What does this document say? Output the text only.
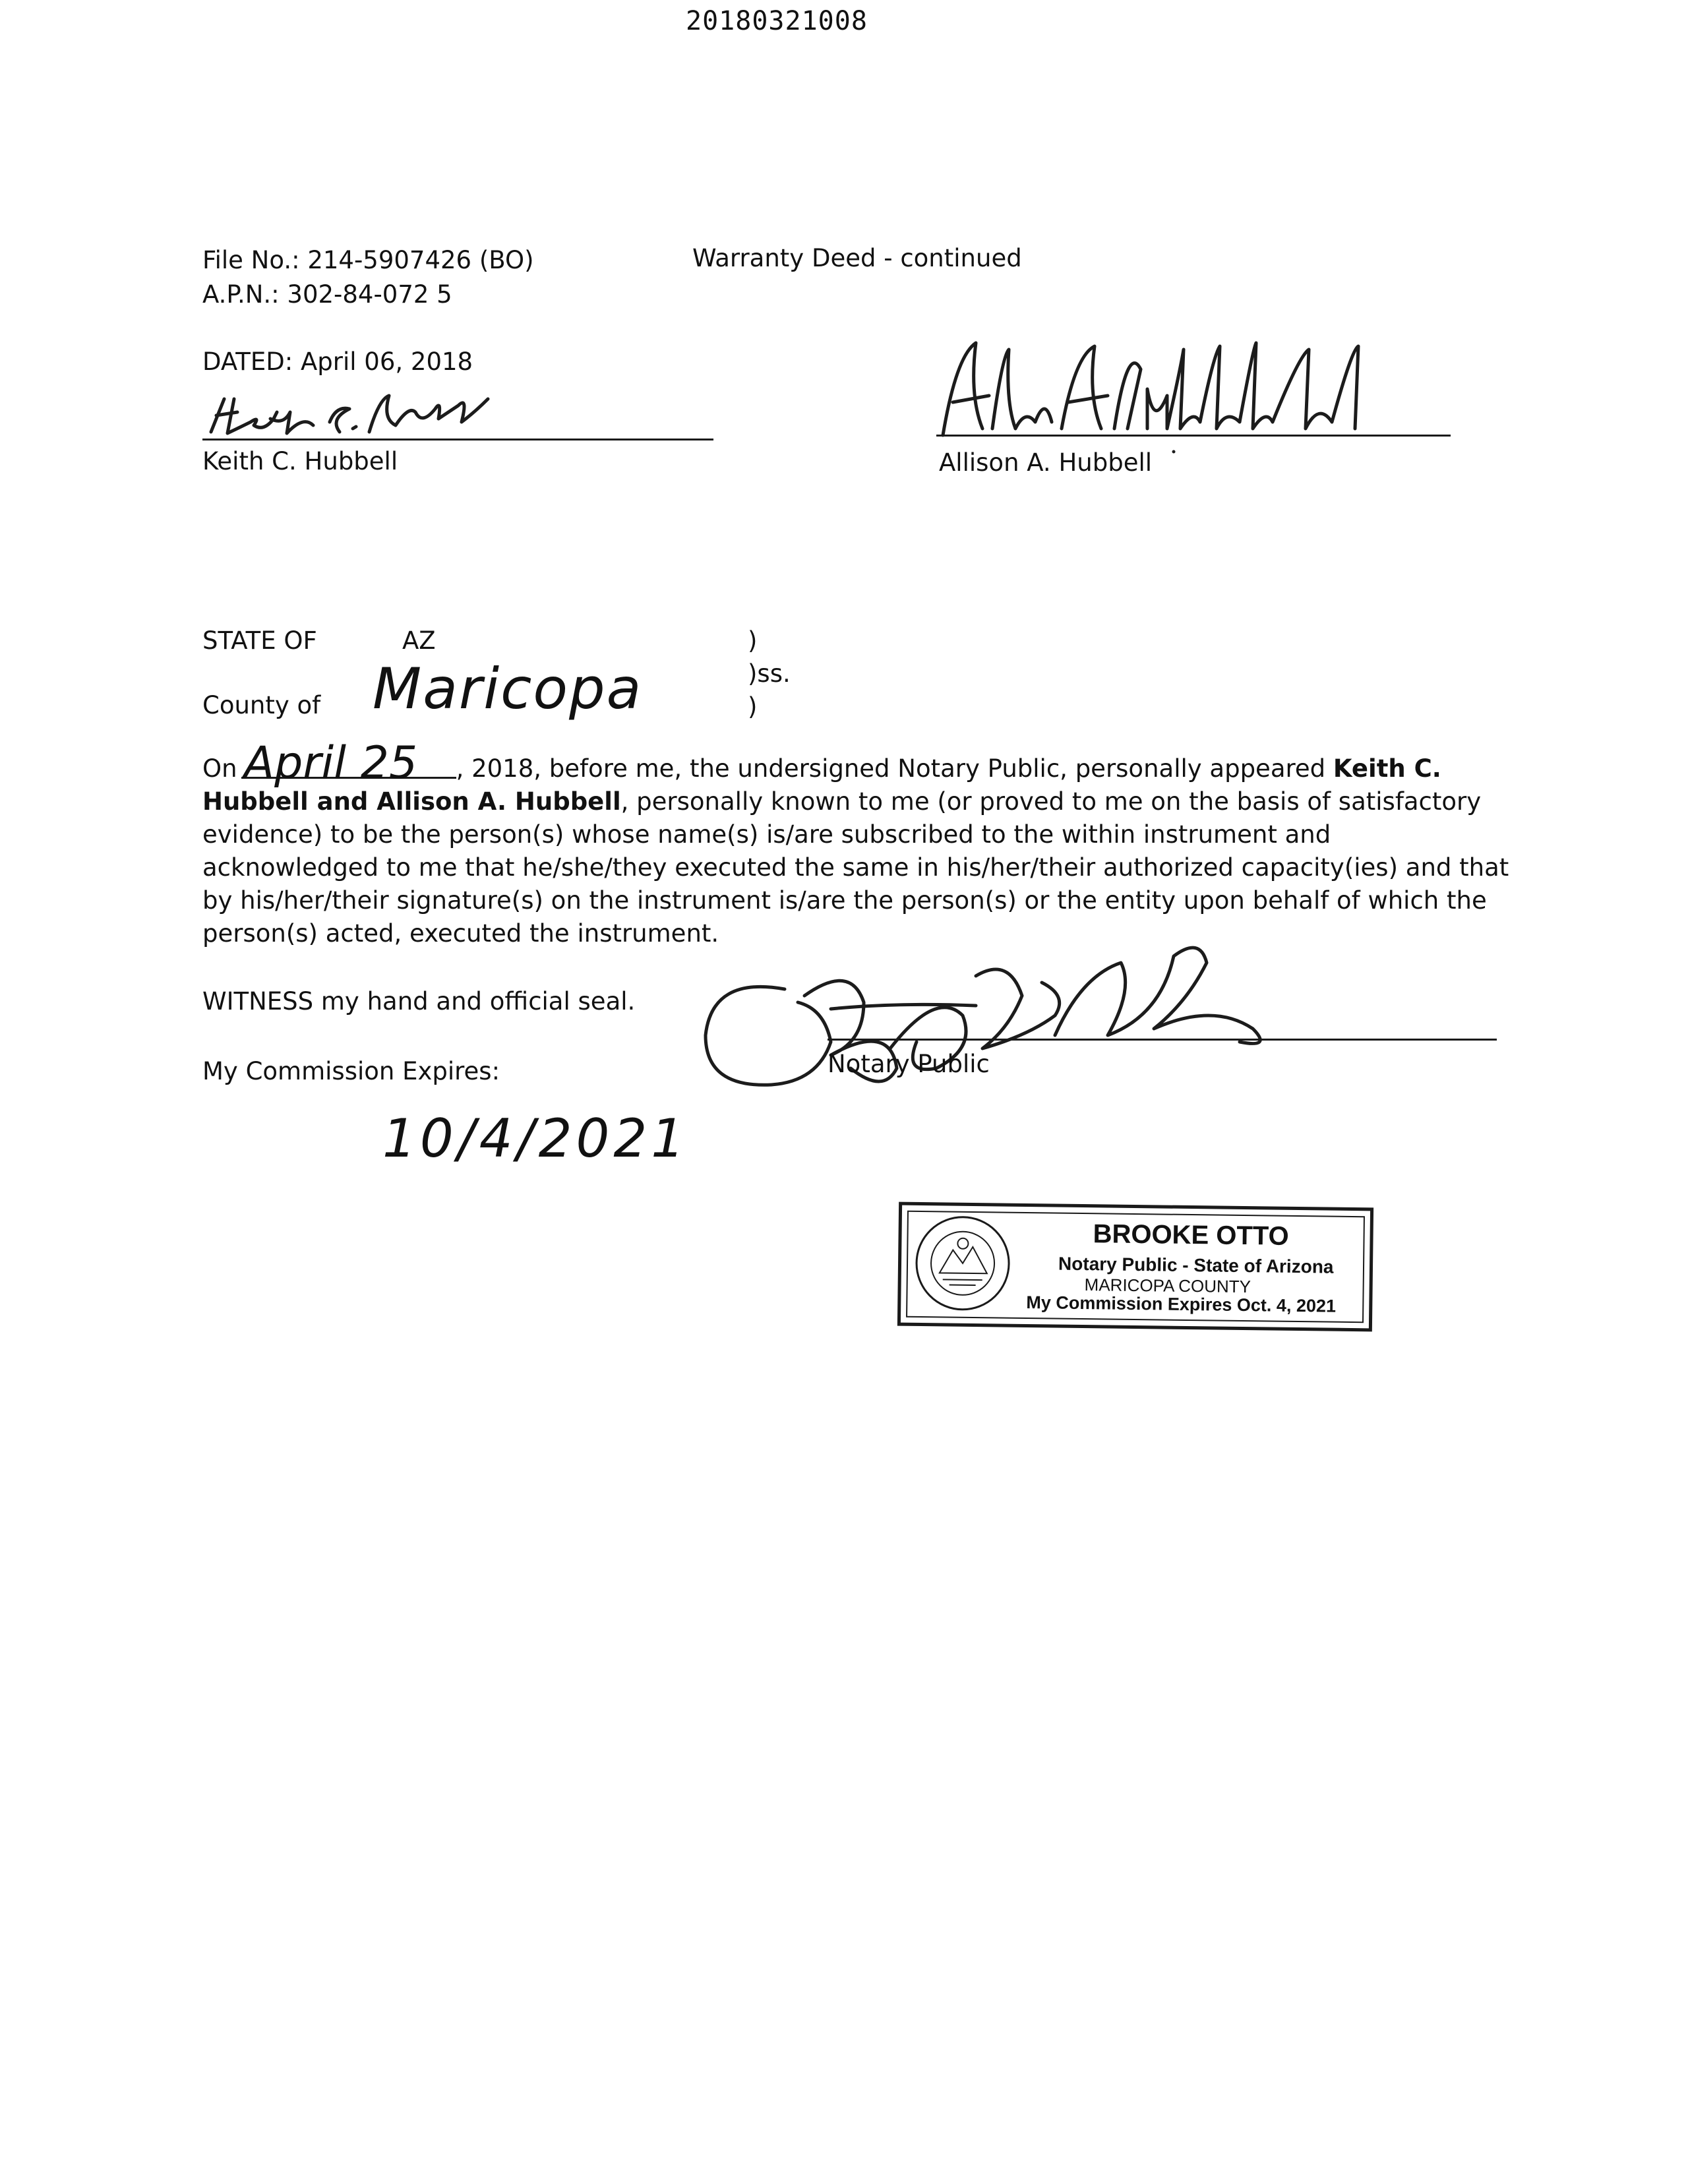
20180321008
File No.: 214-5907426 (BO)
A.P.N.: 302-84-072 5
Warranty Deed - continued
DATED: April 06, 2018
Keith C. Hubbell	Allison A. Hubbell
STATE OF	AZ	)
)ss.
)
County of Maricopa
On April 25 , 2018, before me, the undersigned Notary Public, personally appeared Keith C. Hubbell and Allison A. Hubbell, personally known to me (or proved to me on the basis of satisfactory evidence) to be the person(s) whose name(s) is/are subscribed to the within instrument and acknowledged to me that he/she/they executed the same in his/her/their authorized capacity(ies) and that by his/her/their signature(s) on the instrument is/are the person(s) or the entity upon behalf of which the person(s) acted, executed the instrument.
WITNESS my hand and official seal.
Notary Public
My Commission Expires:
10/4/2021
BROOKE OTTO
Notary Public - State of Arizona
MARICOPA COUNTY
My Commission Expires Oct. 4, 2021
